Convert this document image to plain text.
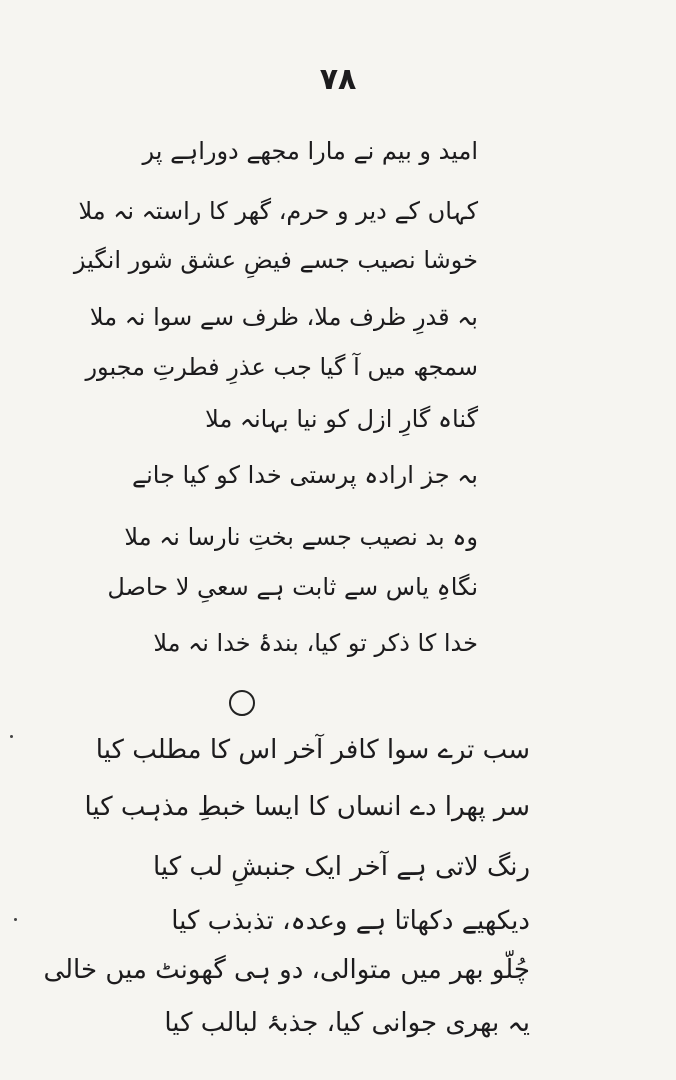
۷۸
امید و بیم نے مارا مجھے دوراہے پر
کہاں کے دیر و حرم، گھر کا راستہ نہ ملا
خوشا نصیب جسے فیضِ عشق شور انگیز
بہ قدرِ ظرف ملا، ظرف سے سوا نہ ملا
سمجھ میں آ گیا جب عذرِ فطرتِ مجبور
گناہ گارِ ازل کو نیا بہانہ ملا
بہ جز ارادہ پرستی خدا کو کیا جانے
وہ بد نصیب جسے بختِ نارسا نہ ملا
نگاہِ یاس سے ثابت ہے سعیِ لا حاصل
خدا کا ذکر تو کیا، بندۂ خدا نہ ملا
سب ترے سوا کافر آخر اس کا مطلب کیا
سر پھرا دے انساں کا ایسا خبطِ مذہب کیا
رنگ لاتی ہے آخر ایک جنبشِ لب کیا
دیکھیے دکھاتا ہے وعدہ، تذبذب کیا
چُلّو بھر میں متوالی، دو ہی گھونٹ میں خالی
یہ بھری جوانی کیا، جذبۂ لبالب کیا
